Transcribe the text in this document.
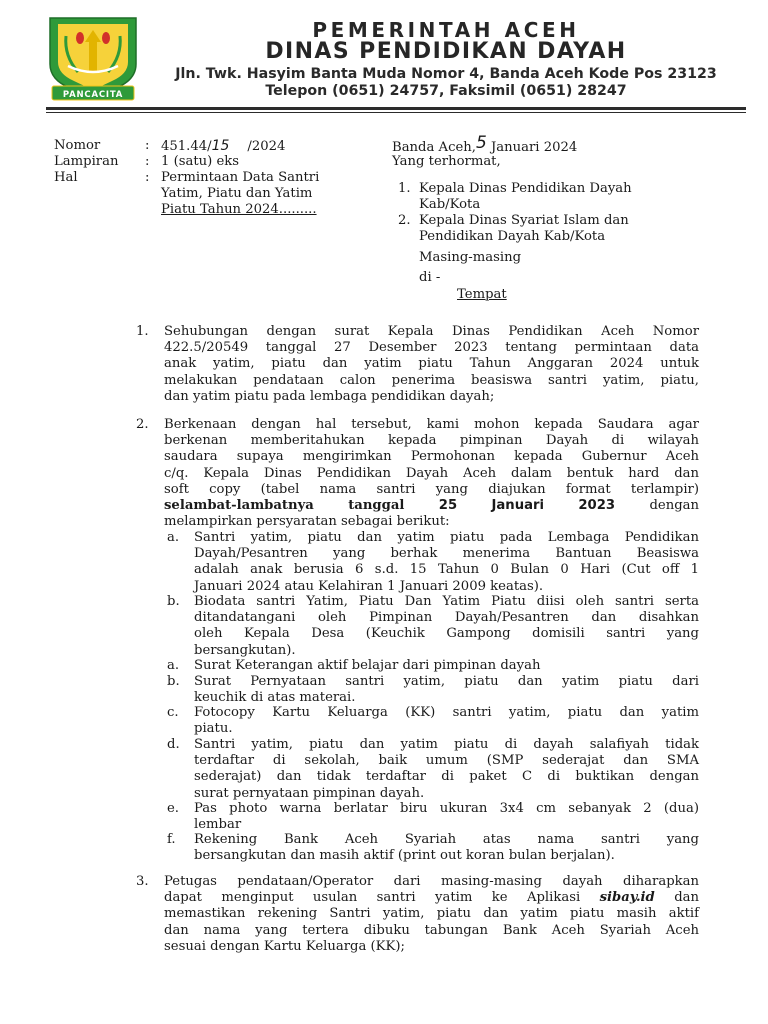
PANCACITA
PEMERINTAH ACEH
DINAS PENDIDIKAN DAYAH
Jln. Twk. Hasyim Banta Muda Nomor 4, Banda Aceh Kode Pos 23123
Telepon (0651) 24757, Faksimil (0651) 28247
Nomor	: 451.44/15 /2024
Lampiran : 1 (satu) eks
Hal	: Permintaan Data Santri
Yatim, Piatu dan Yatim
Piatu Tahun 2024.........
Banda Aceh,5 Januari 2024
Yang terhormat,
1. Kepala Dinas Pendidikan Dayah
Kab/Kota
2. Kepala Dinas Syariat Islam dan
Pendidikan Dayah Kab/Kota
Masing-masing
di -
Tempat
1.	Sehubungan dengan surat Kepala Dinas Pendidikan Aceh Nomor
422.5/20549 tanggal 27 Desember 2023 tentang permintaan data
anak yatim, piatu dan yatim piatu Tahun Anggaran 2024 untuk
melakukan pendataan calon penerima beasiswa santri yatim, piatu,
dan yatim piatu pada lembaga pendidikan dayah;
2.	Berkenaan dengan hal tersebut, kami mohon kepada Saudara agar
berkenan memberitahukan kepada pimpinan Dayah di wilayah
saudara supaya mengirimkan Permohonan kepada Gubernur Aceh
c/q. Kepala Dinas Pendidikan Dayah Aceh dalam bentuk hard dan
soft copy (tabel nama santri yang diajukan format terlampir)
selambat-lambatnya	tanggal	25	Januari	2023	dengan
melampirkan persyaratan sebagai berikut:
a.	Santri yatim, piatu dan yatim piatu pada Lembaga Pendidikan
Dayah/Pesantren yang berhak menerima Bantuan Beasiswa
adalah anak berusia 6 s.d. 15 Tahun 0 Bulan 0 Hari (Cut off 1
Januari 2024 atau Kelahiran 1 Januari 2009 keatas).
b.	Biodata santri Yatim, Piatu Dan Yatim Piatu diisi oleh santri serta
ditandatangani oleh Pimpinan Dayah/Pesantren dan disahkan
oleh Kepala Desa (Keuchik Gampong domisili santri yang
bersangkutan).
a.	Surat Keterangan aktif belajar dari pimpinan dayah
b.	Surat Pernyataan santri yatim, piatu dan yatim piatu dari
keuchik di atas materai.
c.	Fotocopy Kartu Keluarga (KK) santri yatim, piatu dan yatim
piatu.
d.	Santri yatim, piatu dan yatim piatu di dayah salafiyah tidak
terdaftar di sekolah, baik umum (SMP sederajat dan SMA
sederajat) dan tidak terdaftar di paket C di buktikan dengan
surat pernyataan pimpinan dayah.
e.	Pas photo warna berlatar biru ukuran 3x4 cm sebanyak 2 (dua)
lembar
f.	Rekening Bank Aceh Syariah atas nama santri yang
bersangkutan dan masih aktif (print out koran bulan berjalan).
3.	Petugas pendataan/Operator dari masing-masing dayah diharapkan
dapat menginput usulan santri yatim ke Aplikasi sibay.id dan
memastikan rekening Santri yatim, piatu dan yatim piatu masih aktif
dan nama yang tertera dibuku tabungan Bank Aceh Syariah Aceh
sesuai dengan Kartu Keluarga (KK);
